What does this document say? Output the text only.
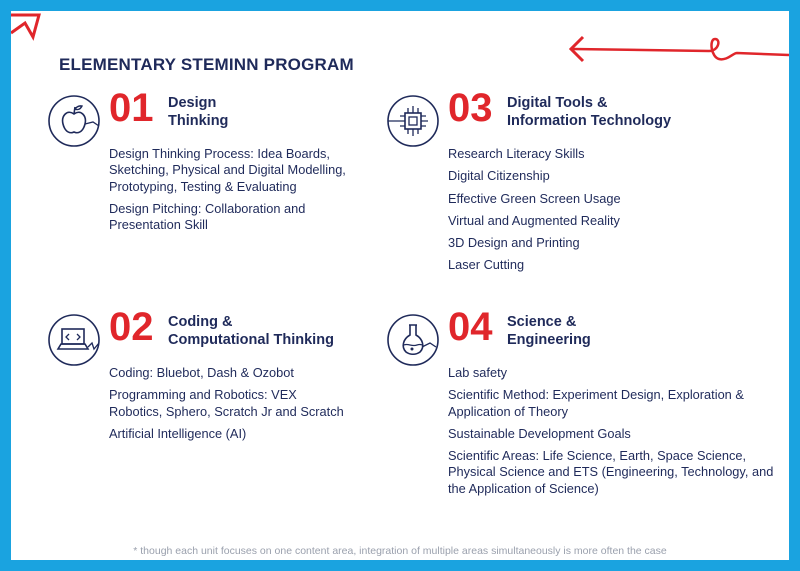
ELEMENTARY STEMINN PROGRAM
01 Design
Thinking
Design Thinking Process: Idea Boards, Sketching, Physical and Digital Modelling, Prototyping, Testing & Evaluating
Design Pitching: Collaboration and Presentation Skill
02 Coding &
Computational Thinking
Coding: Bluebot, Dash & Ozobot
Programming and Robotics: VEX Robotics, Sphero, Scratch Jr and Scratch
Artificial Intelligence (AI)
03 Digital Tools &
Information Technology
Research Literacy Skills
Digital Citizenship
Effective Green Screen Usage
Virtual and Augmented Reality
3D Design and Printing
Laser Cutting
04 Science &
Engineering
Lab safety
Scientific Method: Experiment Design, Exploration & Application of Theory
Sustainable Development Goals
Scientific Areas: Life Science, Earth, Space Science, Physical Science and ETS (Engineering, Technology, and the Application of Science)
* though each unit focuses on one content area, integration of multiple areas simultaneously is more often the case
